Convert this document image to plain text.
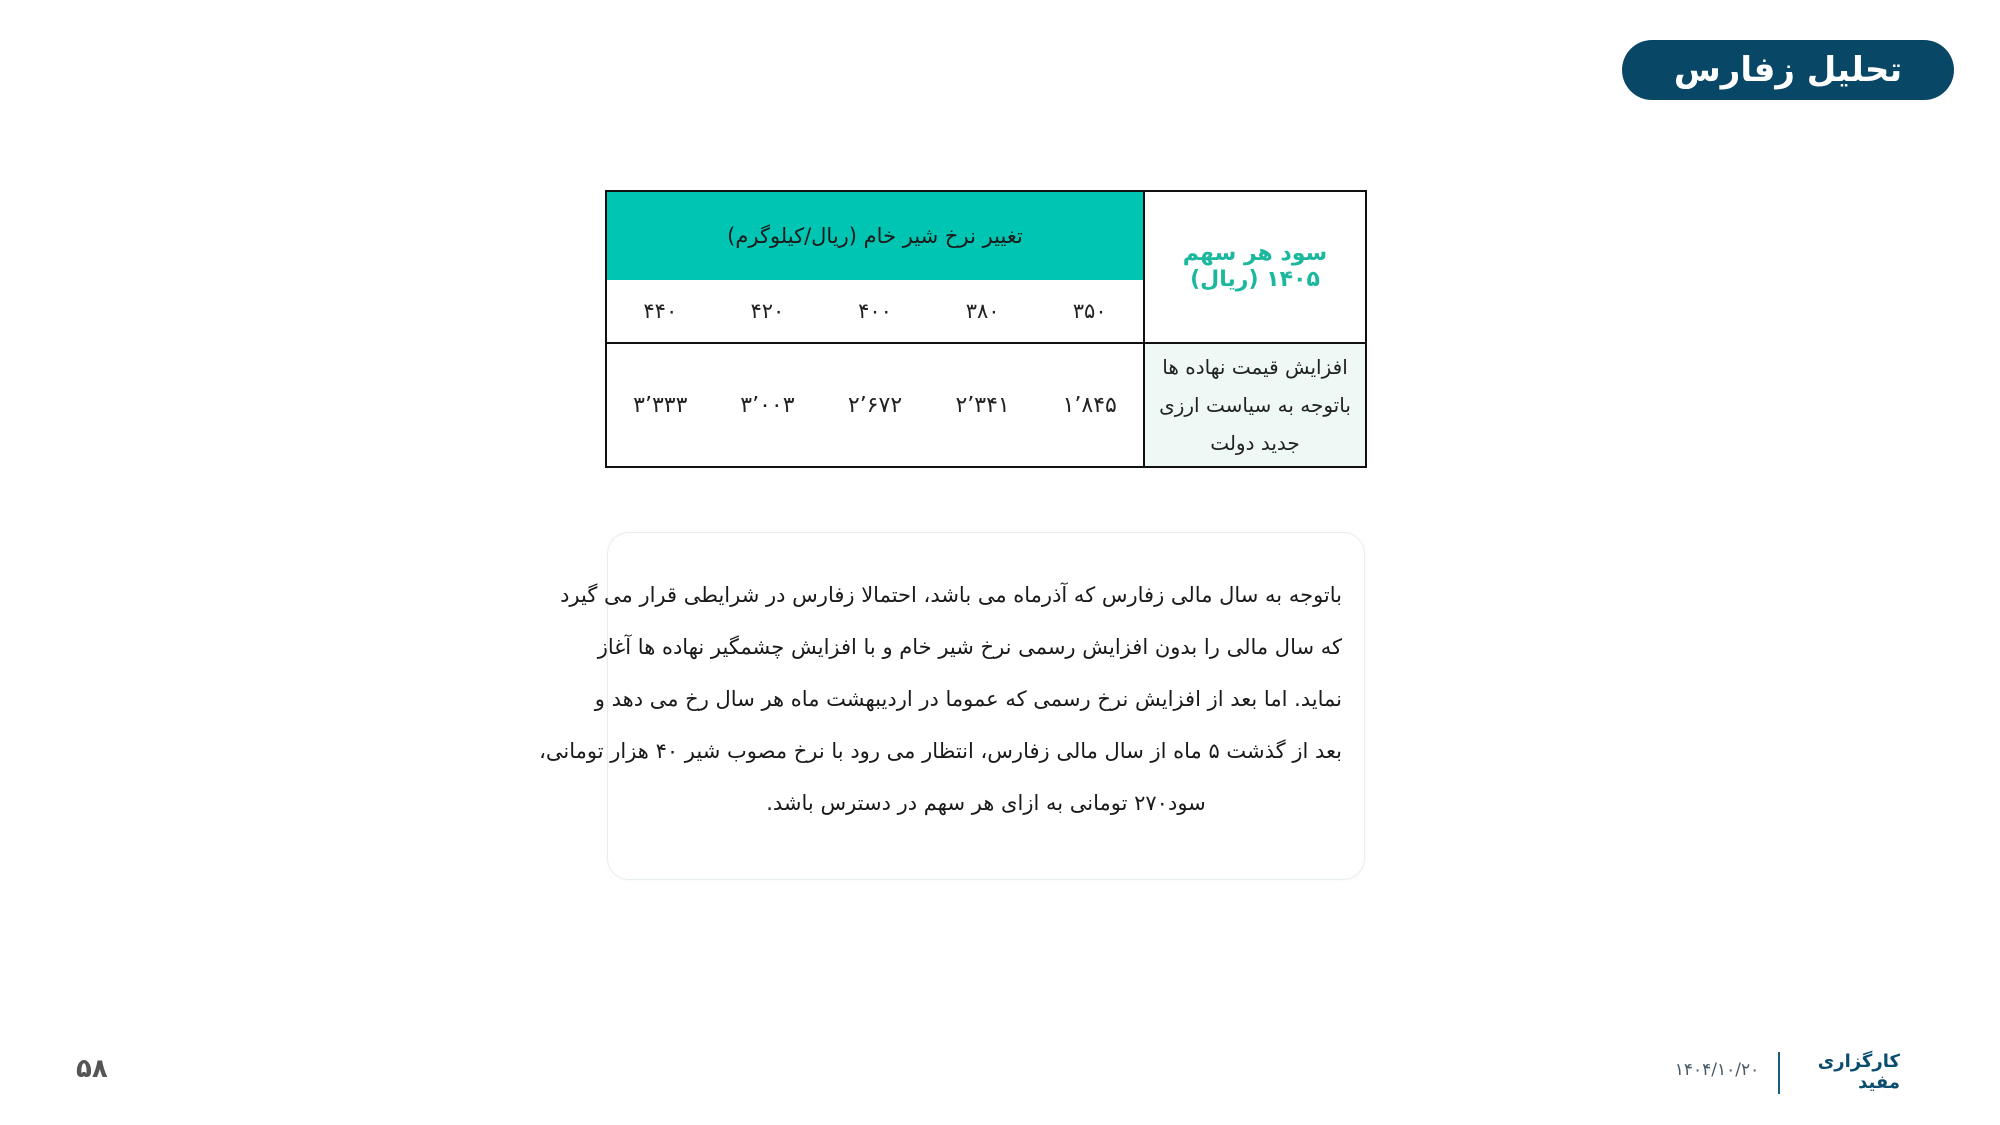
تحلیل زفارس
سود هر سهم ۱۴۰۵ (ریال)	تغییر نرخ شیر خام (ریال/کیلوگرم)				
	۳۵۰	۳۸۰	۴۰۰	۴۲۰	۴۴۰

افزایش قیمت نهاده ها
باتوجه به سیاست ارزی
جدید دولت	۱٬۸۴۵	۲٬۳۴۱	۲٬۶۷۲	۳٬۰۰۳	۳٬۳۳۳
باتوجه به سال مالی زفارس که آذرماه می باشد، احتمالا زفارس در شرایطی قرار می گیرد
که سال مالی را بدون افزایش رسمی نرخ شیر خام و با افزایش چشمگیر نهاده ها آغاز
نماید. اما بعد از افزایش نرخ رسمی که عموما در اردیبهشت ماه هر سال رخ می دهد و
بعد از گذشت ۵ ماه از سال مالی زفارس، انتظار می رود با نرخ مصوب شیر ۴۰ هزار تومانی،
سود۲۷۰ تومانی به ازای هر سهم در دسترس باشد.
۵۸	کارگزاری مفید
۱۴۰۴/۱۰/۲۰
